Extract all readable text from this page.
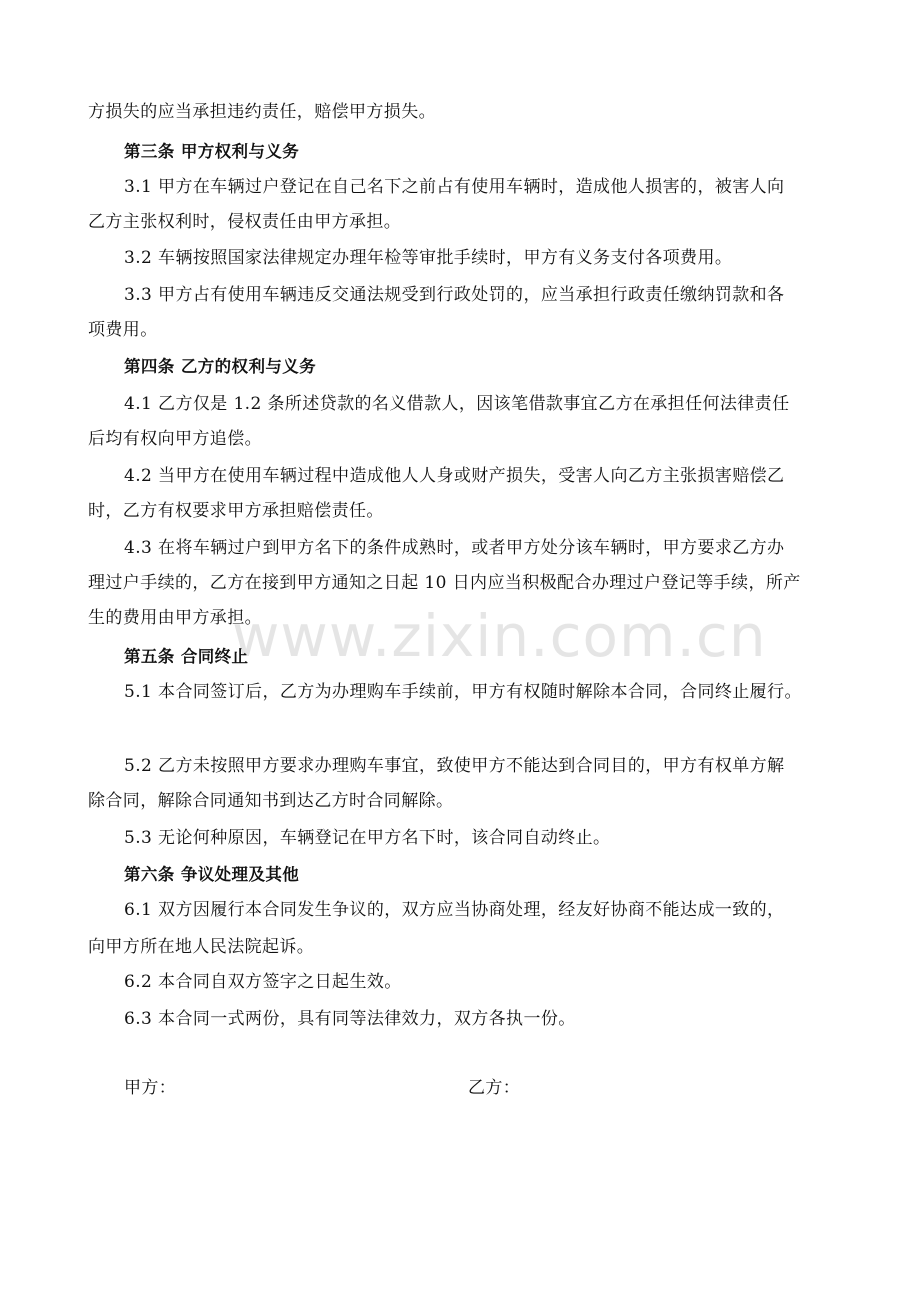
www.zixin.com.cn
方损失的应当承担违约责任，赔偿甲方损失。
第三条 甲方权利与义务
3.1 甲方在车辆过户登记在自己名下之前占有使用车辆时，造成他人损害的，被害人向
乙方主张权利时，侵权责任由甲方承担。
3.2 车辆按照国家法律规定办理年检等审批手续时，甲方有义务支付各项费用。
3.3 甲方占有使用车辆违反交通法规受到行政处罚的，应当承担行政责任缴纳罚款和各
项费用。
第四条 乙方的权利与义务
4.1 乙方仅是 1.2 条所述贷款的名义借款人，因该笔借款事宜乙方在承担任何法律责任
后均有权向甲方追偿。
4.2 当甲方在使用车辆过程中造成他人人身或财产损失，受害人向乙方主张损害赔偿乙
时，乙方有权要求甲方承担赔偿责任。
4.3 在将车辆过户到甲方名下的条件成熟时，或者甲方处分该车辆时，甲方要求乙方办
理过户手续的，乙方在接到甲方通知之日起 10 日内应当积极配合办理过户登记等手续，所产
生的费用由甲方承担。
第五条 合同终止
5.1 本合同签订后，乙方为办理购车手续前，甲方有权随时解除本合同，合同终止履行。
5.2 乙方未按照甲方要求办理购车事宜，致使甲方不能达到合同目的，甲方有权单方解
除合同，解除合同通知书到达乙方时合同解除。
5.3 无论何种原因，车辆登记在甲方名下时，该合同自动终止。
第六条 争议处理及其他
6.1 双方因履行本合同发生争议的，双方应当协商处理，经友好协商不能达成一致的，
向甲方所在地人民法院起诉。
6.2 本合同自双方签字之日起生效。
6.3 本合同一式两份，具有同等法律效力，双方各执一份。
甲方：	乙方：
